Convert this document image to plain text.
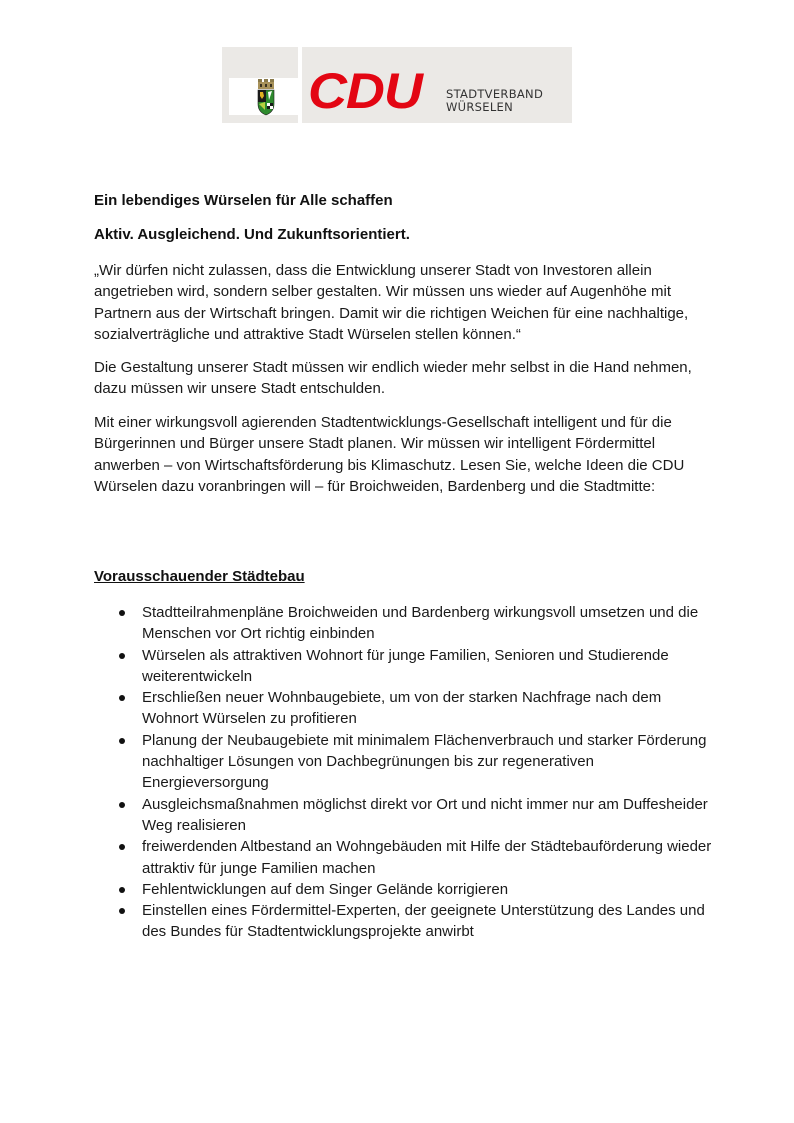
CDU STADTVERBAND
WÜRSELEN
Ein lebendiges Würselen für Alle schaffen
Aktiv. Ausgleichend. Und Zukunftsorientiert.
„Wir dürfen nicht zulassen, dass die Entwicklung unserer Stadt von Investoren allein angetrieben wird, sondern selber gestalten. Wir müssen uns wieder auf Augenhöhe mit Partnern aus der Wirtschaft bringen. Damit wir die richtigen Weichen für eine nachhaltige, sozialverträgliche und attraktive Stadt Würselen stellen können.“
Die Gestaltung unserer Stadt müssen wir endlich wieder mehr selbst in die Hand nehmen, dazu müssen wir unsere Stadt entschulden.
Mit einer wirkungsvoll agierenden Stadtentwicklungs-Gesellschaft intelligent und für die Bürgerinnen und Bürger unsere Stadt planen. Wir müssen wir intelligent Fördermittel anwerben – von Wirtschaftsförderung bis Klimaschutz. Lesen Sie, welche Ideen die CDU Würselen dazu voranbringen will – für Broichweiden, Bardenberg und die Stadtmitte:
Vorausschauender Städtebau
Stadtteilrahmenpläne Broichweiden und Bardenberg wirkungsvoll umsetzen und die Menschen vor Ort richtig einbinden
Würselen als attraktiven Wohnort für junge Familien, Senioren und Studierende weiterentwickeln
Erschließen neuer Wohnbaugebiete, um von der starken Nachfrage nach dem Wohnort Würselen zu profitieren
Planung der Neubaugebiete mit minimalem Flächenverbrauch und starker Förderung nachhaltiger Lösungen von Dachbegrünungen bis zur regenerativen Energieversorgung
Ausgleichsmaßnahmen möglichst direkt vor Ort und nicht immer nur am Duffesheider Weg realisieren
freiwerdenden Altbestand an Wohngebäuden mit Hilfe der Städtebauförderung wieder attraktiv für junge Familien machen
Fehlentwicklungen auf dem Singer Gelände korrigieren
Einstellen eines Fördermittel-Experten, der geeignete Unterstützung des Landes und des Bundes für Stadtentwicklungsprojekte anwirbt
